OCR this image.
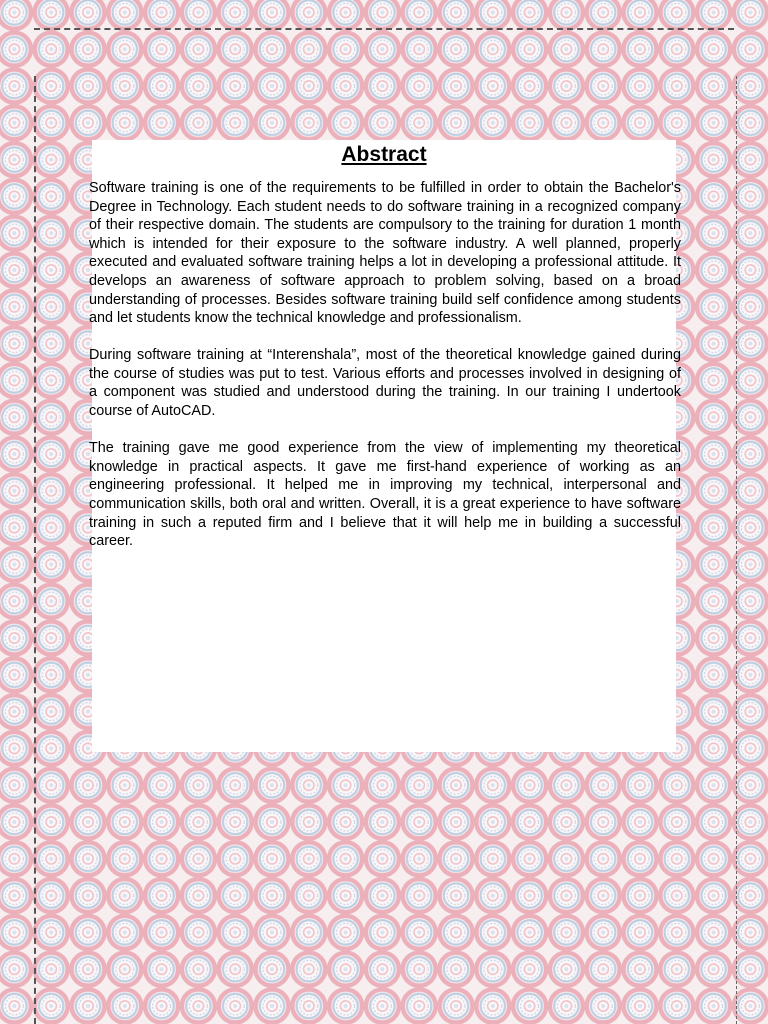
Abstract

Software training is one of the requirements to be fulfilled in order to obtain the Bachelor's Degree in Technology. Each student needs to do software training in a recognized company of their respective domain. The students are compulsory to the training for duration 1 month which is intended for their exposure to the software industry. A well planned, properly executed and evaluated software training helps a lot in developing a professional attitude. It develops an awareness of software approach to problem solving, based on a broad understanding of processes. Besides software training build self confidence among students and let students know the technical knowledge and professionalism.

During software training at “Interenshala”, most of the theoretical knowledge gained during the course of studies was put to test. Various efforts and processes involved in designing of a component was studied and understood during the training. In our training I undertook course of AutoCAD.

The training gave me good experience from the view of implementing my theoretical knowledge in practical aspects. It gave me first-hand experience of working as an engineering professional. It helped me in improving my technical, interpersonal and communication skills, both oral and written. Overall, it is a great experience to have software training in such a reputed firm and I believe that it will help me in building a successful career.
